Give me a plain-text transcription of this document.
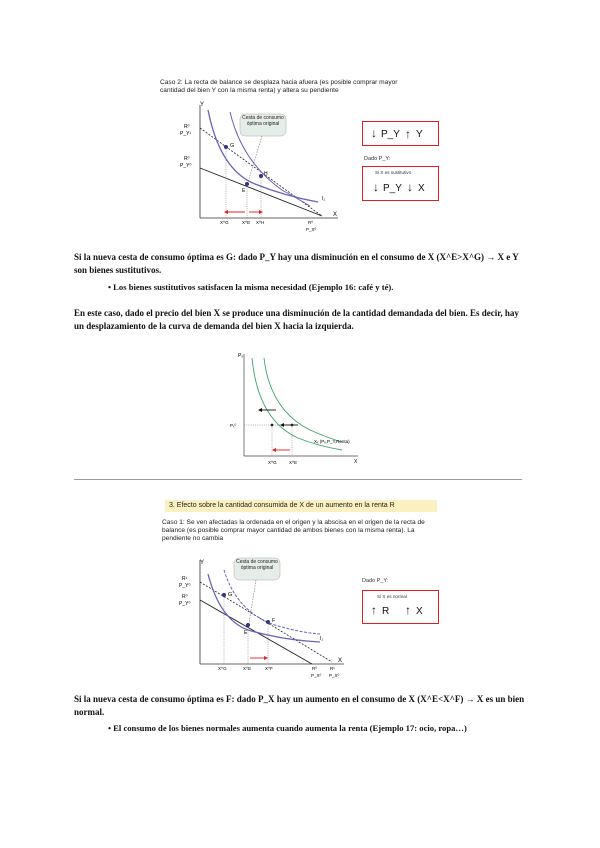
Caso 2: La recta de balance se desplaza hacia afuera (es posible comprar mayor cantidad del bien Y con la misma renta) y altera su pendiente
Y
X
R⁰
P_Y¹
R⁰
P_Y⁰
G
E
H
I₁
X^G	X^E X^H	R⁰
P_X⁰
Cesta de consumo óptima original
↓ P_Y ↑ Y
Dado P_Y:
Si X es sustitutivo
↓ P_Y ↓ X
Si la nueva cesta de consumo óptima es G: dado P_Y hay una disminución en el consumo de X (X^E>X^G) → X e Y son bienes sustitutivos.
• Los bienes sustitutivos satisfacen la misma necesidad (Ejemplo 16: café y té).
En este caso, dado el precio del bien X se produce una disminución de la cantidad demandada del bien. Es decir, hay un desplazamiento de la curva de demanda del bien X hacia la izquierda.
Pₓ
X
Pₓ⁰
Xₓ (Pₓ,P_Y,Renta)
X^G	X^E
3. Efecto sobre la cantidad consumida de X de un aumento en la renta R
Caso 1: Se ven afectadas la ordenada en el origen y la abscisa en el origen de la recta de balance (es posible comprar mayor cantidad de ambos bienes con la misma renta). La pendiente no cambia
Y
X
R¹
P_Y⁰
R⁰
P_Y⁰
G
E
F
I₁
X^G	X^E	X^F	R⁰
P_X⁰
R¹
P_X⁰
Cesta de consumo óptima original
Dado P_Y:
Si X es normal
↑ R ↑ X
Si la nueva cesta de consumo óptima es F: dado P_X hay un aumento en el consumo de X (X^E<X^F) → X es un bien normal.
• El consumo de los bienes normales aumenta cuando aumenta la renta (Ejemplo 17: ocio, ropa…)
